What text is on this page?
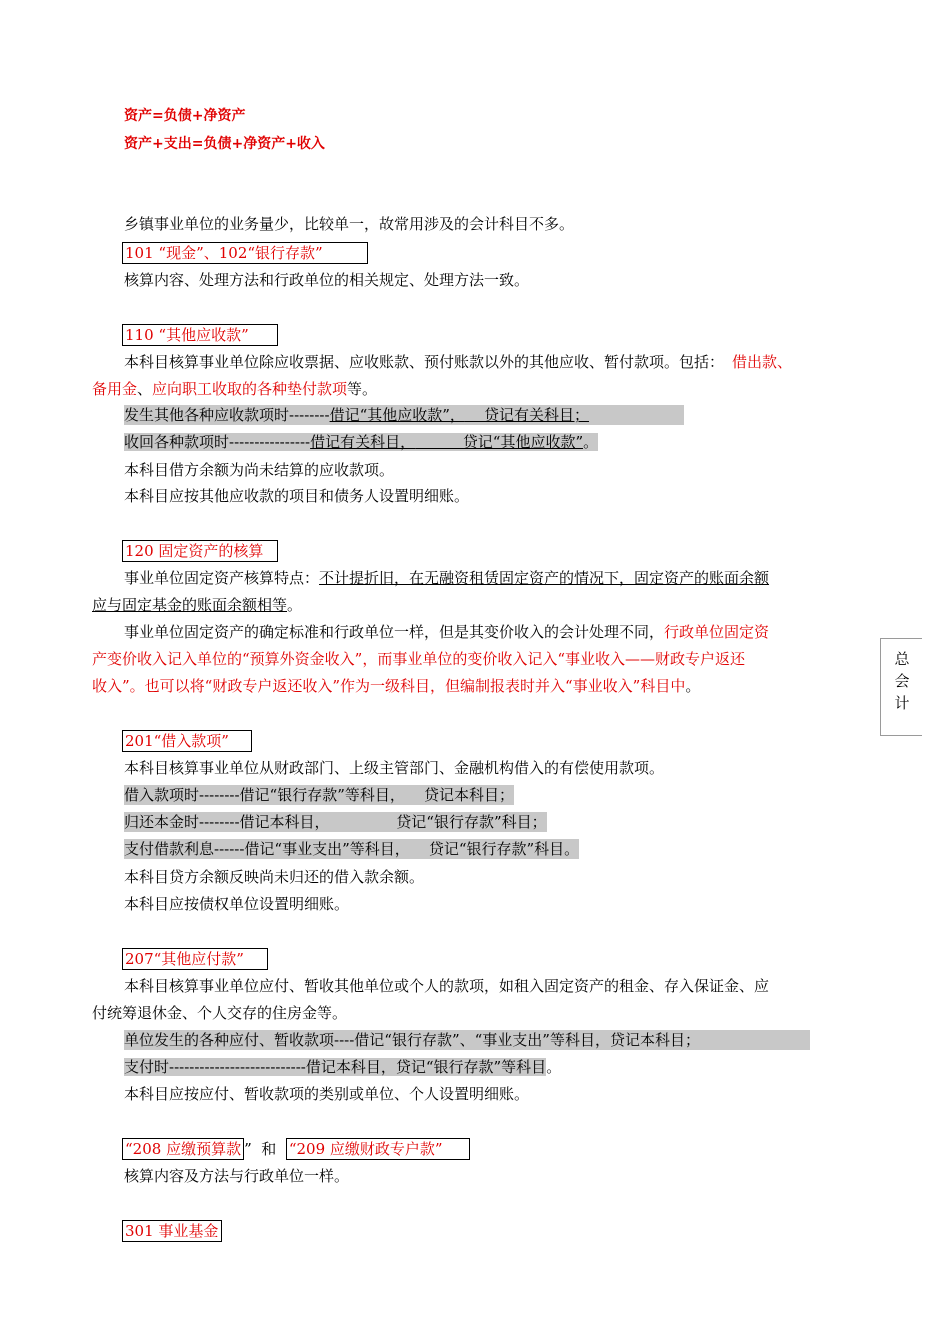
资产=负债+净资产
资产+支出=负债+净资产+收入
乡镇事业单位的业务量少，比较单一，故常用涉及的会计科目不多。
101 “现金”、102“银行存款”
核算内容、处理方法和行政单位的相关规定、处理方法一致。
110 “其他应收款”
本科目核算事业单位除应收票据、应收账款、预付账款以外的其他应收、暂付款项。包括： 借出款、
备用金、应向职工收取的各种垫付款项等。
发生其他各种应收款项时--------借记“其他应收款”，    贷记有关科目；
收回各种款项时----------------借记有关科目，          贷记“其他应收款”。
本科目借方余额为尚未结算的应收款项。
本科目应按其他应收款的项目和债务人设置明细账。
120 固定资产的核算
事业单位固定资产核算特点：不计提折旧，在无融资租赁固定资产的情况下，固定资产的账面余额
应与固定基金的账面余额相等。
事业单位固定资产的确定标准和行政单位一样，但是其变价收入的会计处理不同，行政单位固定资
产变价收入记入单位的“预算外资金收入”，而事业单位的变价收入记入“事业收入——财政专户返还
收入”。也可以将“财政专户返还收入”作为一级科目，但编制报表时并入“事业收入”科目中。
201“借入款项”
本科目核算事业单位从财政部门、上级主管部门、金融机构借入的有偿使用款项。
借入款项时--------借记“银行存款”等科目，    贷记本科目；
归还本金时--------借记本科目，              贷记“银行存款”科目；
支付借款利息------借记“事业支出”等科目，    贷记“银行存款”科目。
本科目贷方余额反映尚未归还的借入款余额。
本科目应按债权单位设置明细账。
207“其他应付款”
本科目核算事业单位应付、暂收其他单位或个人的款项，如租入固定资产的租金、存入保证金、应
付统筹退休金、个人交存的住房金等。
单位发生的各种应付、暂收款项----借记“银行存款”、“事业支出”等科目，贷记本科目；
支付时---------------------------借记本科目，贷记“银行存款”等科目。
本科目应按应付、暂收款项的类别或单位、个人设置明细账。
“208 应缴预算款 ”  和  “209 应缴财政专户款”
核算内容及方法与行政单位一样。
301 事业基金
总
会
计
